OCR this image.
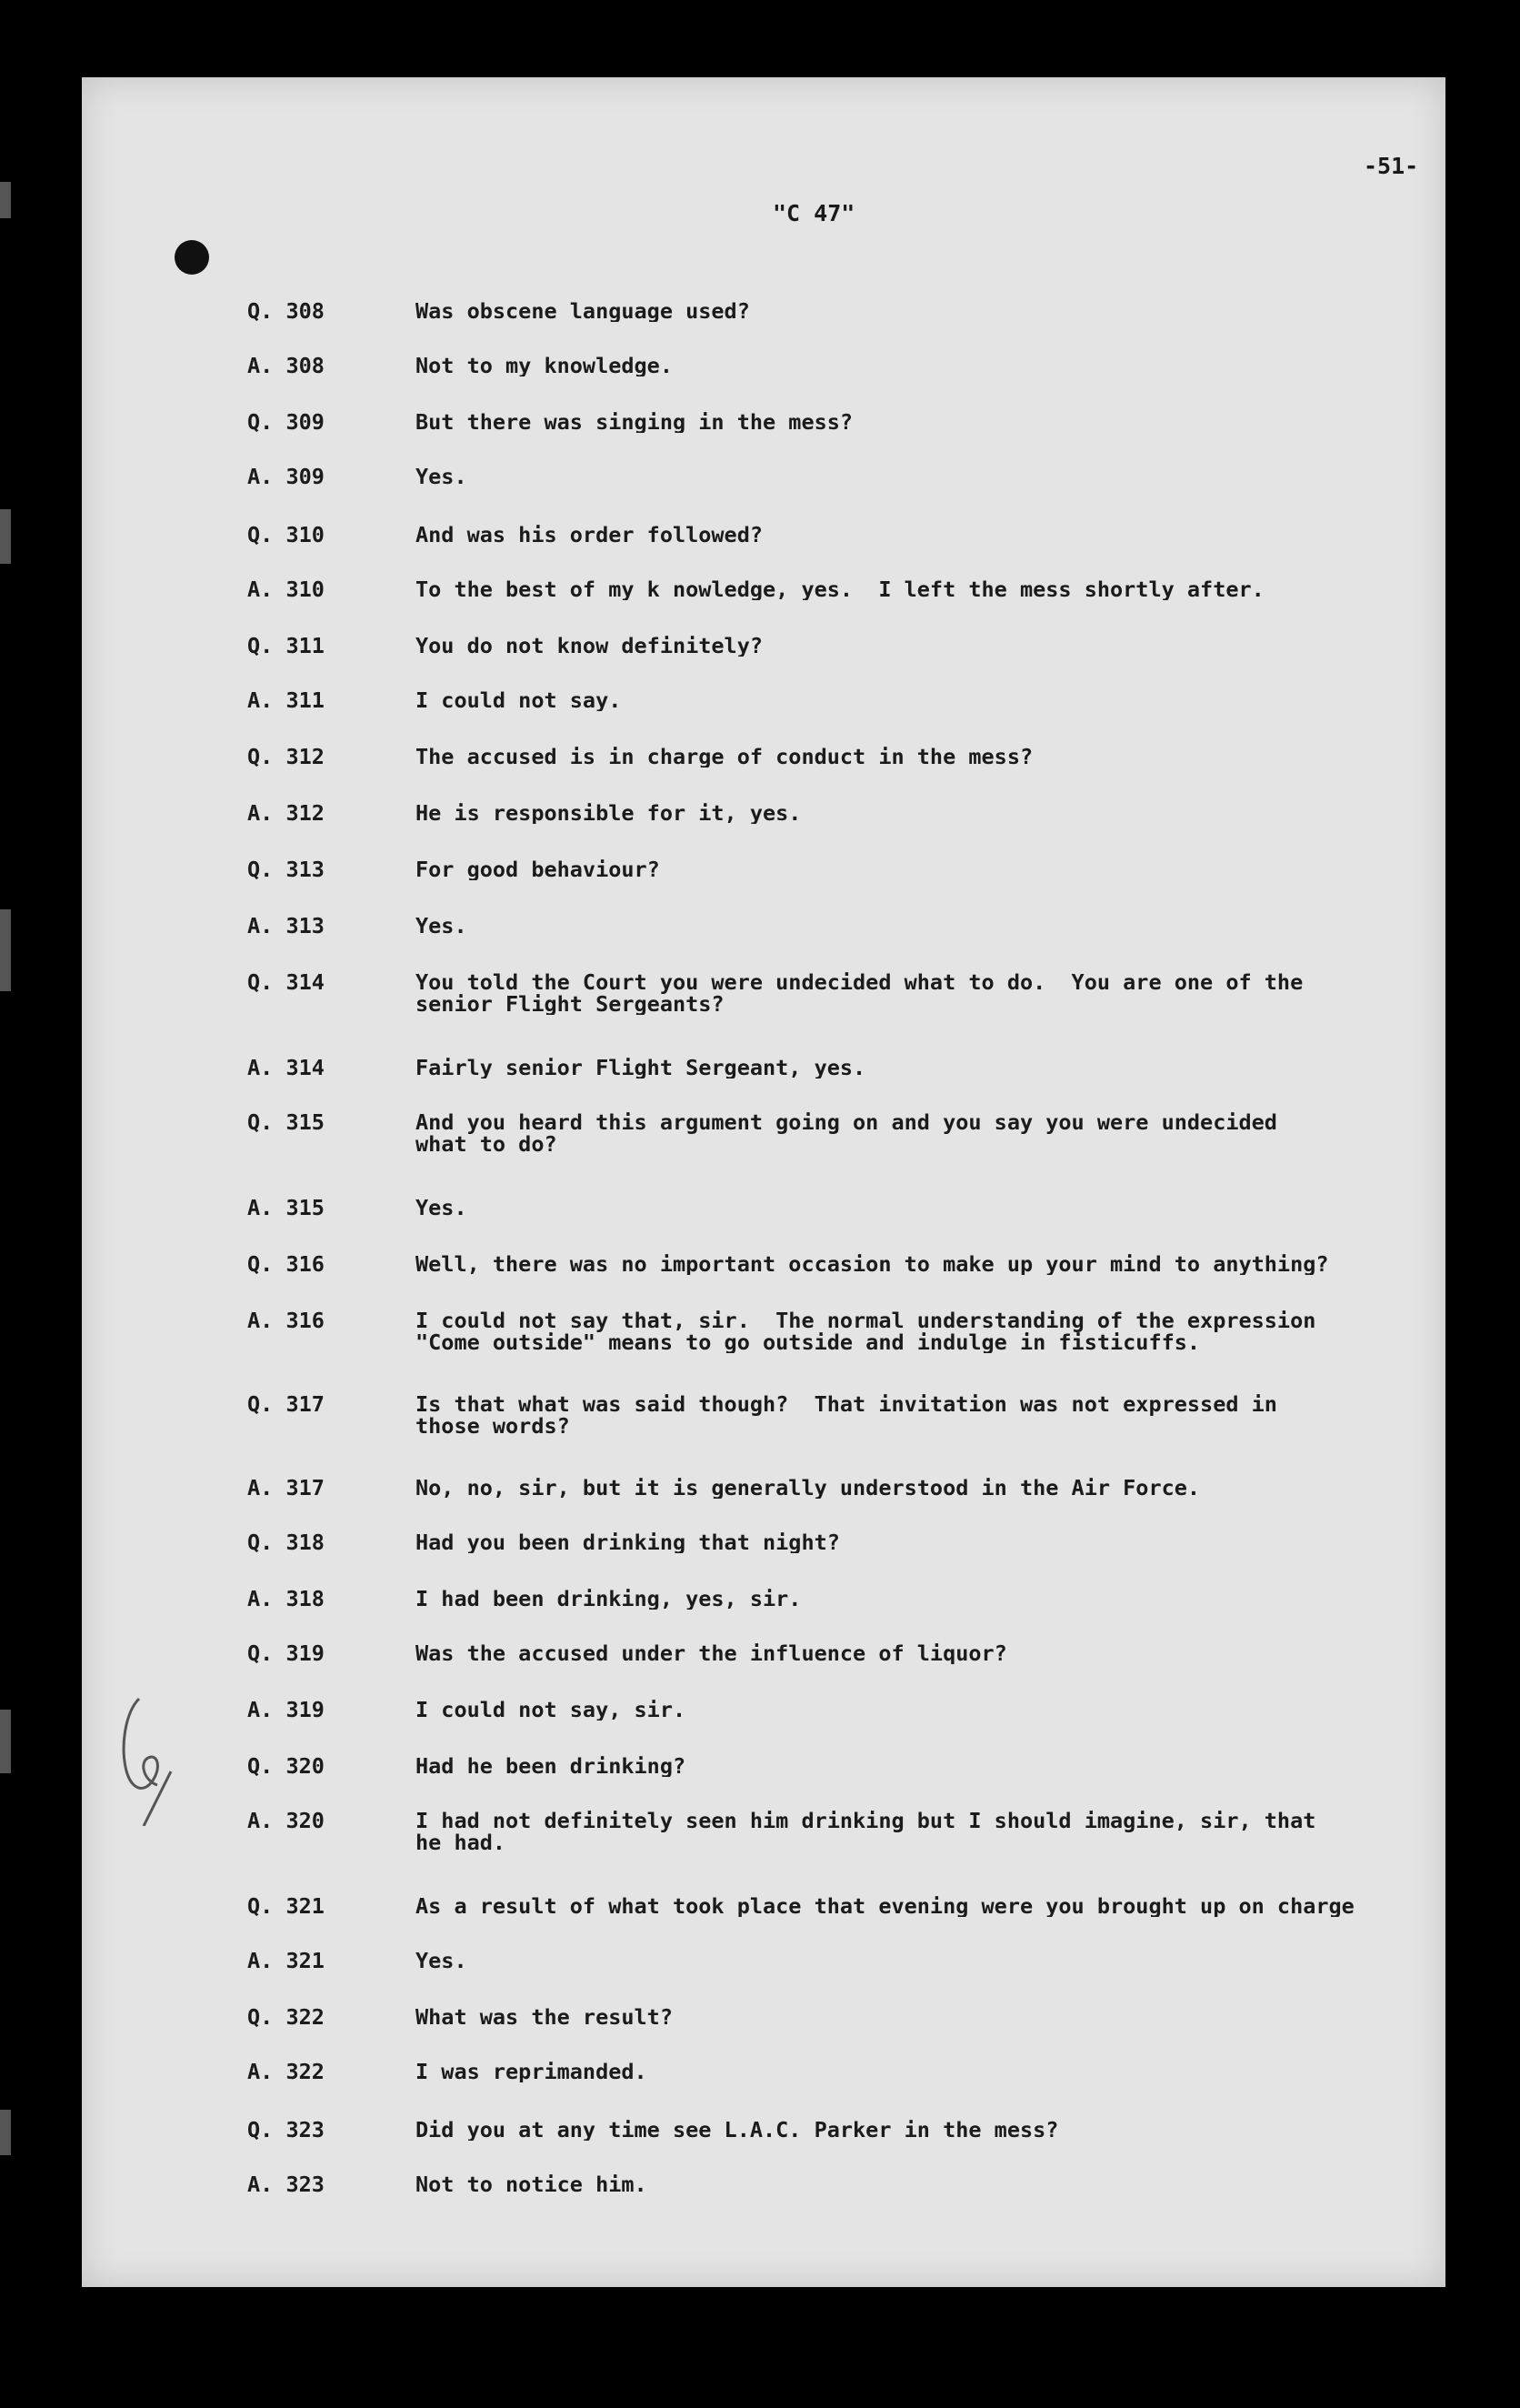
-51-
"C 47"
Q. 308	Was obscene language used?
A. 308	Not to my knowledge.
Q. 309	But there was singing in the mess?
A. 309	Yes.
Q. 310	And was his order followed?
A. 310	To the best of my k nowledge, yes.  I left the mess shortly after.
Q. 311	You do not know definitely?
A. 311	I could not say.
Q. 312	The accused is in charge of conduct in the mess?
A. 312	He is responsible for it, yes.
Q. 313	For good behaviour?
A. 313	Yes.
Q. 314	You told the Court you were undecided what to do.  You are one of the
senior Flight Sergeants?
A. 314	Fairly senior Flight Sergeant, yes.
Q. 315	And you heard this argument going on and you say you were undecided
what to do?
A. 315	Yes.
Q. 316	Well, there was no important occasion to make up your mind to anything?
A. 316	I could not say that, sir.  The normal understanding of the expression
"Come outside" means to go outside and indulge in fisticuffs.
Q. 317	Is that what was said though?  That invitation was not expressed in
those words?
A. 317	No, no, sir, but it is generally understood in the Air Force.
Q. 318	Had you been drinking that night?
A. 318	I had been drinking, yes, sir.
Q. 319	Was the accused under the influence of liquor?
A. 319	I could not say, sir.
Q. 320	Had he been drinking?
A. 320	I had not definitely seen him drinking but I should imagine, sir, that
he had.
Q. 321	As a result of what took place that evening were you brought up on charge
A. 321	Yes.
Q. 322	What was the result?
A. 322	I was reprimanded.
Q. 323	Did you at any time see L.A.C. Parker in the mess?
A. 323	Not to notice him.
